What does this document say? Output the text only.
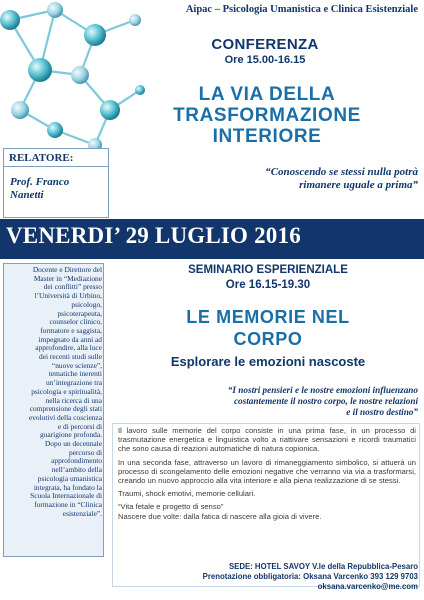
Aipac – Psicologia Umanistica e Clinica Esistenziale
CONFERENZA
Ore 15.00-16.15
LA VIA DELLA
TRASFORMAZIONE
INTERIORE
“Conoscendo se stessi nulla potrà
rimanere uguale a prima”
RELATORE:
Prof. Franco
Nanetti
VENERDI’ 29 LUGLIO 2016
Docente e Direttore del
Master in “Mediazione
dei conflitti” presso
l’Università di Urbino,
psicologo,
psicoterapeuta,
counselor clinico,
formatore e saggista,
impegnato da anni ad
approfondire, alla luce
dei recenti studi sulle
“nuove scienze”,
tematiche inerenti
un’integrazione tra
psicologia e spiritualità,
nella ricerca di una
comprensione degli stati
evolutivi della coscienza
e di percorsi di
guarigione profonda.
Dopo un decennale
percorso di
approfondimento
nell’ambito della
psicologia umanistica
integrata, ha fondato la
Scuola Internazionale di
formazione in “Clinica
esistenziale”.
SEMINARIO ESPERIENZIALE
Ore 16.15-19.30
LE MEMORIE NEL
CORPO
Esplorare le emozioni nascoste
“I nostri pensieri e le nostre emozioni influenzano
costantemente il nostro corpo, le nostre relazioni
e il nostro destino”

Il lavoro sulle memorie del corpo consiste in una prima fase, in un processo di trasmutazione energetica e linguistica volto a riattivare sensazioni e ricordi traumatici che sono causa di reazioni automatiche di natura copionica.

In una seconda fase, attraverso un lavoro di rimaneggiamento simbolico, si attuerà un processo di scongelamento delle emozioni negative che verranno via via a trasformarsi, creando un nuovo approccio alla vita interiore e alla piena realizzazione di se stessi.

Traumi, shock emotivi, memorie cellulari.

“Vita fetale e progetto di senso”
Nascere due volte: dalla fatica di nascere alla gioia di vivere.
SEDE: HOTEL SAVOY V.le della Repubblica-Pesaro
Prenotazione obbligatoria: Oksana Varcenko 393 129 9703
oksana.varcenko@me.com
